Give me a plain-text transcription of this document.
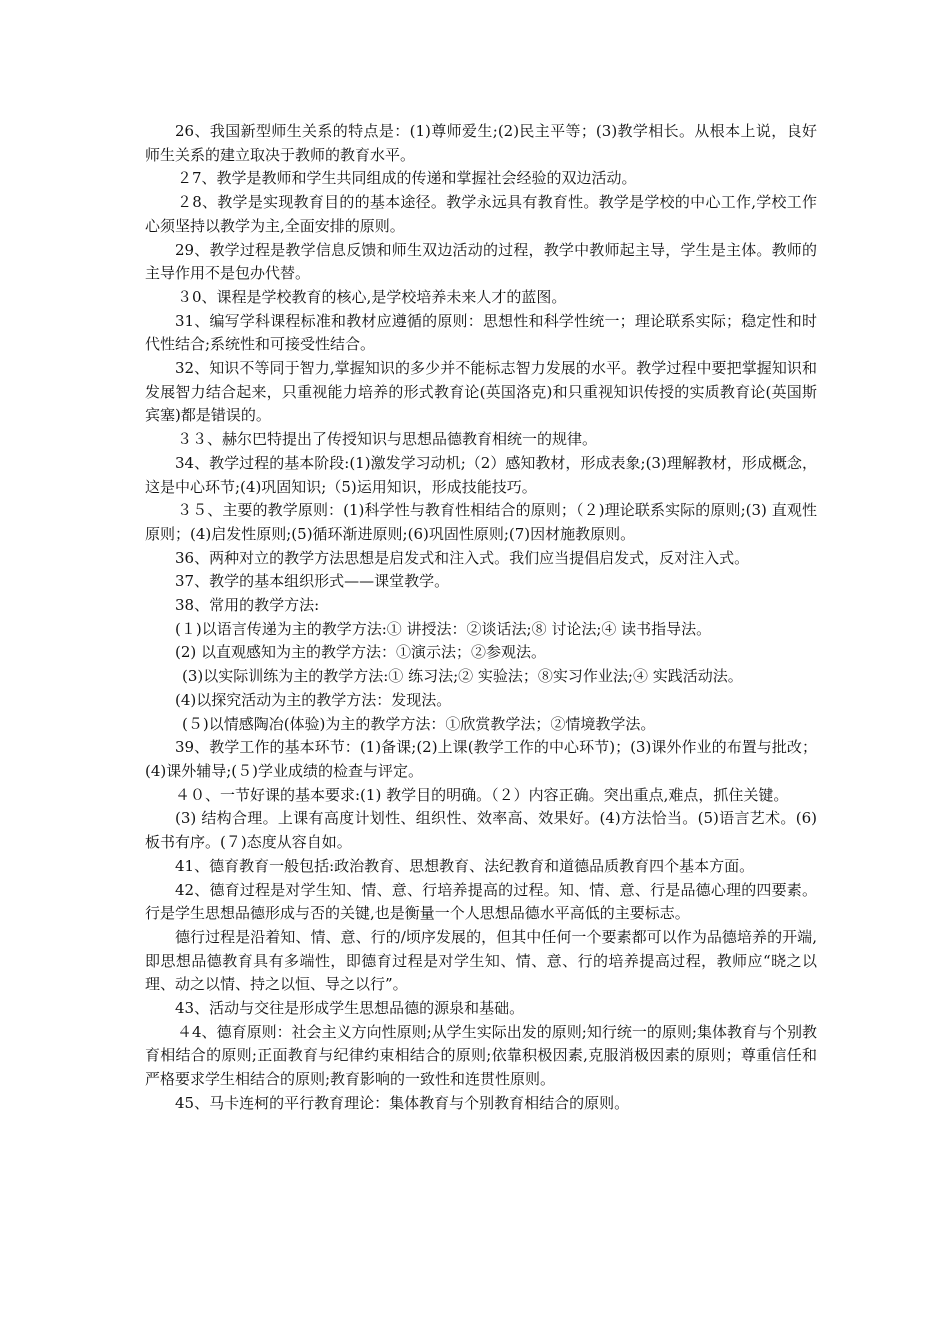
26、我国新型师生关系的特点是：(1)尊师爱生;(2)民主平等；(3)教学相长。从根本上说，良好师生关系的建立取决于教师的教育水平。

２7、教学是教师和学生共同组成的传递和掌握社会经验的双边活动。

２8、教学是实现教育目的的基本途径。教学永远具有教育性。教学是学校的中心工作,学校工作心须坚持以教学为主,全面安排的原则。

29、教学过程是教学信息反馈和师生双边活动的过程，教学中教师起主导，学生是主体。教师的主导作用不是包办代替。

３0、课程是学校教育的核心,是学校培养未来人才的蓝图。

31、编写学科课程标准和教材应遵循的原则：思想性和科学性统一；理论联系实际；稳定性和时代性结合;系统性和可接受性结合。

32、知识不等同于智力,掌握知识的多少并不能标志智力发展的水平。教学过程中要把掌握知识和发展智力结合起来，只重视能力培养的形式教育论(英国洛克)和只重视知识传授的实质教育论(英国斯宾塞)都是错误的。

３３、赫尔巴特提出了传授知识与思想品德教育相统一的规律。

34、教学过程的基本阶段:(1)激发学习动机;（2）感知教材，形成表象;(3)理解教材，形成概念，这是中心环节;(4)巩固知识;（5)运用知识，形成技能技巧。

３５、主要的教学原则：(1)科学性与教育性相结合的原则；（２)理论联系实际的原则;(3) 直观性原则；(4)启发性原则;(5)循环渐进原则;(6)巩固性原则;(7)因材施教原则。

36、两种对立的教学方法思想是启发式和注入式。我们应当提倡启发式，反对注入式。

37、教学的基本组织形式——课堂教学。

38、常用的教学方法:

(１)以语言传递为主的教学方法:① 讲授法：②谈话法;⑧ 讨论法;④ 读书指导法。

(2) 以直观感知为主的教学方法：①演示法；②参观法。

(3)以实际训练为主的教学方法:① 练习法;② 实验法；⑧实习作业法;④ 实践活动法。

(4)以探究活动为主的教学方法：发现法。

(５)以情感陶冶(体验)为主的教学方法：①欣赏教学法；②情境教学法。

39、教学工作的基本环节：(1)备课;(2)上课(教学工作的中心环节)；(3)课外作业的布置与批改；(4)课外辅导;(５)学业成绩的检查与评定。

４０、一节好课的基本要求:(1) 教学目的明确。（２）内容正确。突出重点,难点，抓住关键。

(3) 结构合理。上课有高度计划性、组织性、效率高、效果好。(4)方法恰当。(5)语言艺术。(6)板书有序。(７)态度从容自如。

41、德育教育一般包括:政治教育、思想教育、法纪教育和道德品质教育四个基本方面。

42、德育过程是对学生知、情、意、行培养提高的过程。知、情、意、行是品德心理的四要素。行是学生思想品德形成与否的关键,也是衡量一个人思想品德水平高低的主要标志。

德行过程是沿着知、情、意、行的/顷序发展的，但其中任何一个要素都可以作为品德培养的开端,即思想品德教育具有多端性，即德育过程是对学生知、情、意、行的培养提高过程，教师应“晓之以理、动之以情、持之以恒、导之以行”。

43、活动与交往是形成学生思想品德的源泉和基础。

４4、德育原则：社会主义方向性原则;从学生实际出发的原则;知行统一的原则;集体教育与个别教育相结合的原则;正面教育与纪律约束相结合的原则;依靠积极因素,克服消极因素的原则；尊重信任和严格要求学生相结合的原则;教育影响的一致性和连贯性原则。

45、马卡连柯的平行教育理论：集体教育与个别教育相结合的原则。
